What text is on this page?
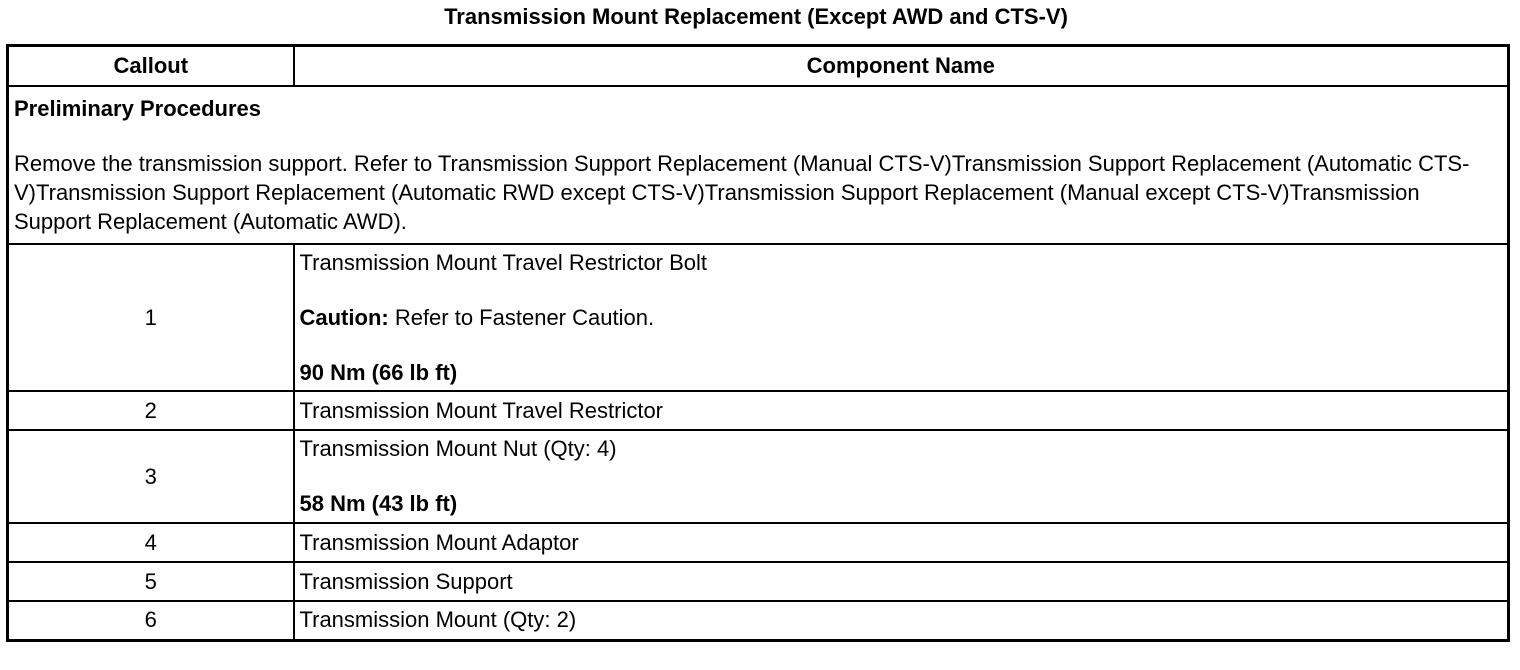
Transmission Mount Replacement (Except AWD and CTS-V)
Callout	Component Name

Preliminary Procedures
Remove the transmission support. Refer to Transmission Support Replacement (Manual CTS-V)Transmission Support Replacement (Automatic CTS-V)Transmission Support Replacement (Automatic RWD except CTS-V)Transmission Support Replacement (Manual except CTS-V)Transmission Support Replacement (Automatic AWD).	

1	Transmission Mount Travel Restrictor Bolt
Caution: Refer to Fastener Caution.
90 Nm (66 lb ft)

2	Transmission Mount Travel Restrictor
3	Transmission Mount Nut (Qty: 4)
58 Nm (43 lb ft)

4	Transmission Mount Adaptor
5	Transmission Support
6	Transmission Mount (Qty: 2)
